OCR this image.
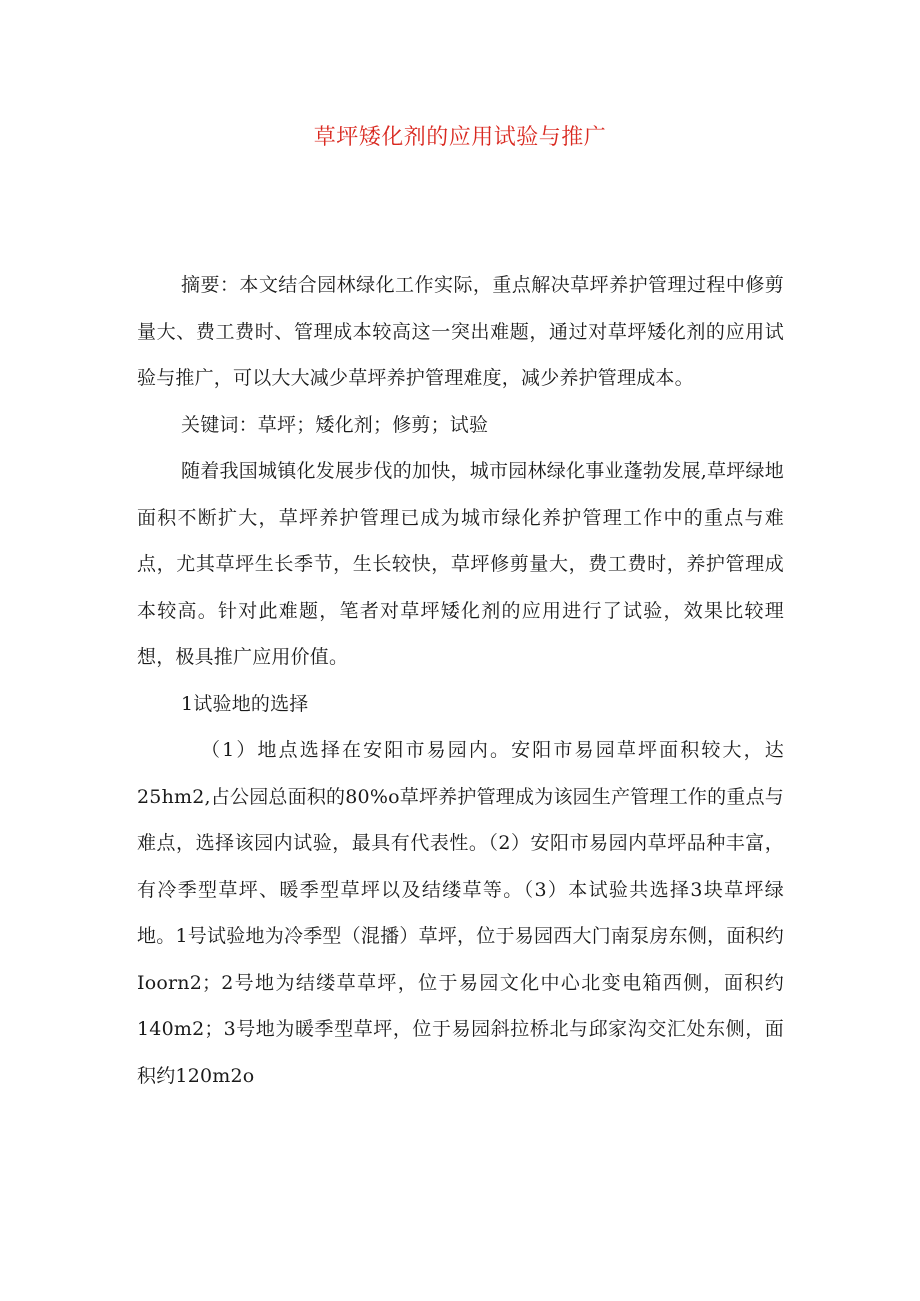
草坪矮化剂的应用试验与推广

摘要：本文结合园林绿化工作实际，重点解决草坪养护管理过程中修剪量大、费工费时、管理成本较高这一突出难题，通过对草坪矮化剂的应用试验与推广，可以大大减少草坪养护管理难度，减少养护管理成本。

关键词：草坪；矮化剂；修剪；试验

随着我国城镇化发展步伐的加快，城市园林绿化事业蓬勃发展,草坪绿地面积不断扩大，草坪养护管理已成为城市绿化养护管理工作中的重点与难点，尤其草坪生长季节，生长较快，草坪修剪量大，费工费时，养护管理成本较高。针对此难题，笔者对草坪矮化剂的应用进行了试验，效果比较理想，极具推广应用价值。

1试验地的选择

（1）地点选择在安阳市易园内。安阳市易园草坪面积较大，达25hm2,占公园总面积的80%o草坪养护管理成为该园生产管理工作的重点与难点，选择该园内试验，最具有代表性。（2）安阳市易园内草坪品种丰富，有冷季型草坪、暖季型草坪以及结缕草等。（3）本试验共选择3块草坪绿地。1号试验地为冷季型（混播）草坪，位于易园西大门南泵房东侧，面积约Ioorn2；2号地为结缕草草坪，位于易园文化中心北变电箱西侧，面积约140m2；3号地为暖季型草坪，位于易园斜拉桥北与邱家沟交汇处东侧，面积约120m2o
